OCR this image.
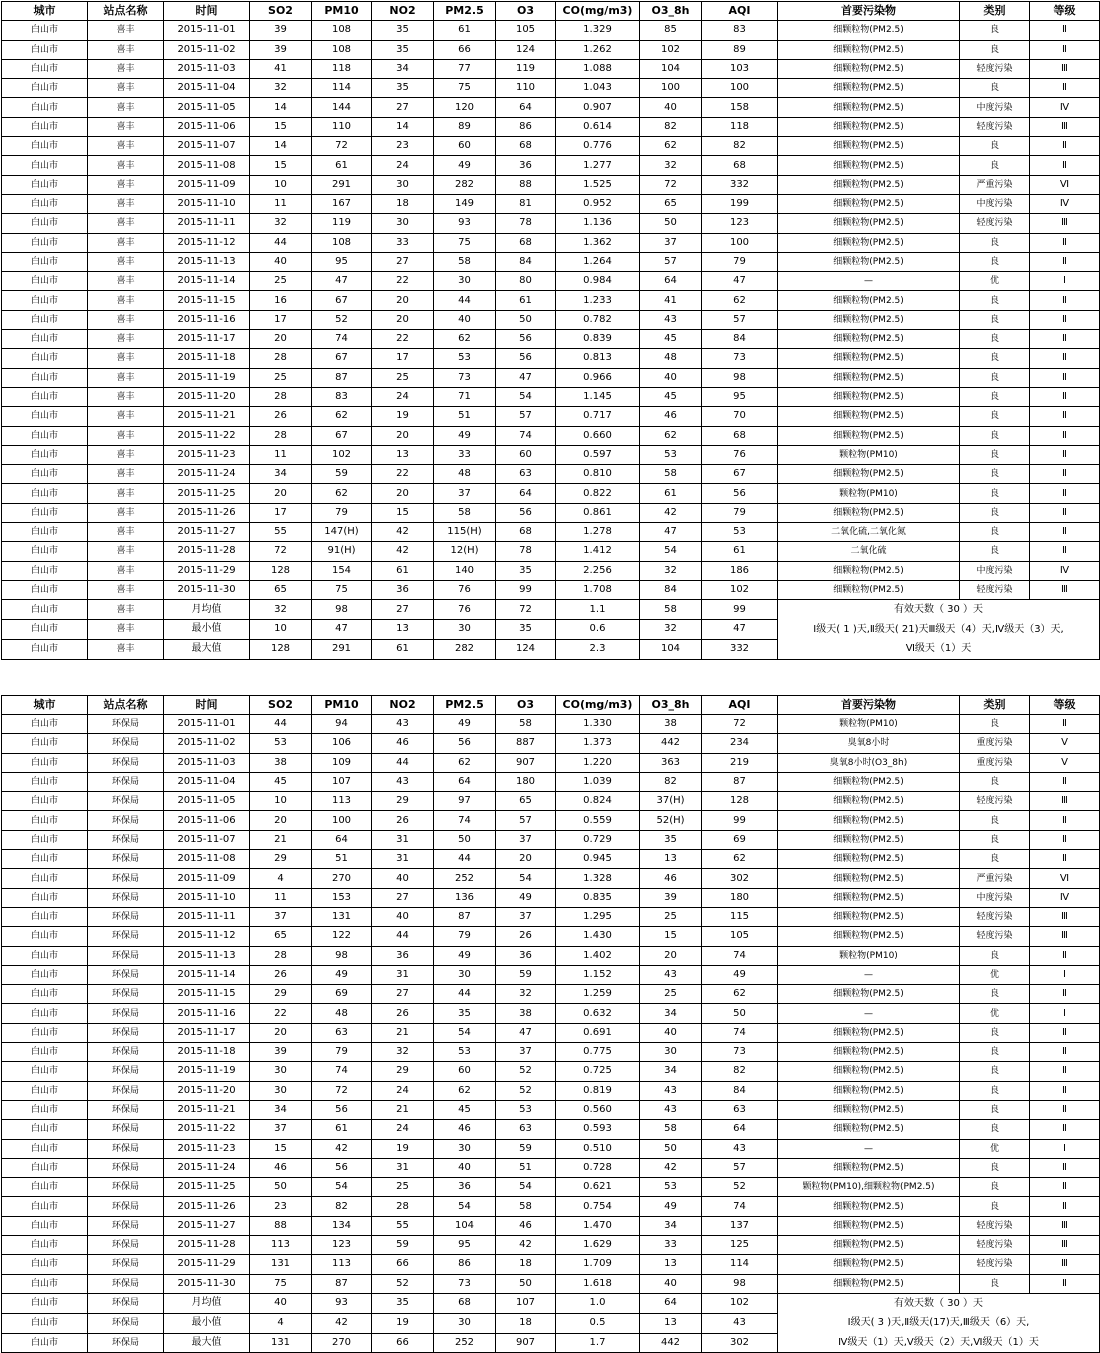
城市	站点名称	时间	SO2	PM10	NO2	PM2.5	O3	CO(mg/m3)	O3_8h	AQI	首要污染物	类别	等级
白山市	喜丰	2015-11-01	39	108	35	61	105	1.329	85	83	细颗粒物(PM2.5)	良	Ⅱ
白山市	喜丰	2015-11-02	39	108	35	66	124	1.262	102	89	细颗粒物(PM2.5)	良	Ⅱ
白山市	喜丰	2015-11-03	41	118	34	77	119	1.088	104	103	细颗粒物(PM2.5)	轻度污染	Ⅲ
白山市	喜丰	2015-11-04	32	114	35	75	110	1.043	100	100	细颗粒物(PM2.5)	良	Ⅱ
白山市	喜丰	2015-11-05	14	144	27	120	64	0.907	40	158	细颗粒物(PM2.5)	中度污染	Ⅳ
白山市	喜丰	2015-11-06	15	110	14	89	86	0.614	82	118	细颗粒物(PM2.5)	轻度污染	Ⅲ
白山市	喜丰	2015-11-07	14	72	23	60	68	0.776	62	82	细颗粒物(PM2.5)	良	Ⅱ
白山市	喜丰	2015-11-08	15	61	24	49	36	1.277	32	68	细颗粒物(PM2.5)	良	Ⅱ
白山市	喜丰	2015-11-09	10	291	30	282	88	1.525	72	332	细颗粒物(PM2.5)	严重污染	Ⅵ
白山市	喜丰	2015-11-10	11	167	18	149	81	0.952	65	199	细颗粒物(PM2.5)	中度污染	Ⅳ
白山市	喜丰	2015-11-11	32	119	30	93	78	1.136	50	123	细颗粒物(PM2.5)	轻度污染	Ⅲ
白山市	喜丰	2015-11-12	44	108	33	75	68	1.362	37	100	细颗粒物(PM2.5)	良	Ⅱ
白山市	喜丰	2015-11-13	40	95	27	58	84	1.264	57	79	细颗粒物(PM2.5)	良	Ⅱ
白山市	喜丰	2015-11-14	25	47	22	30	80	0.984	64	47	—	优	Ⅰ
白山市	喜丰	2015-11-15	16	67	20	44	61	1.233	41	62	细颗粒物(PM2.5)	良	Ⅱ
白山市	喜丰	2015-11-16	17	52	20	40	50	0.782	43	57	细颗粒物(PM2.5)	良	Ⅱ
白山市	喜丰	2015-11-17	20	74	22	62	56	0.839	45	84	细颗粒物(PM2.5)	良	Ⅱ
白山市	喜丰	2015-11-18	28	67	17	53	56	0.813	48	73	细颗粒物(PM2.5)	良	Ⅱ
白山市	喜丰	2015-11-19	25	87	25	73	47	0.966	40	98	细颗粒物(PM2.5)	良	Ⅱ
白山市	喜丰	2015-11-20	28	83	24	71	54	1.145	45	95	细颗粒物(PM2.5)	良	Ⅱ
白山市	喜丰	2015-11-21	26	62	19	51	57	0.717	46	70	细颗粒物(PM2.5)	良	Ⅱ
白山市	喜丰	2015-11-22	28	67	20	49	74	0.660	62	68	细颗粒物(PM2.5)	良	Ⅱ
白山市	喜丰	2015-11-23	11	102	13	33	60	0.597	53	76	颗粒物(PM10)	良	Ⅱ
白山市	喜丰	2015-11-24	34	59	22	48	63	0.810	58	67	细颗粒物(PM2.5)	良	Ⅱ
白山市	喜丰	2015-11-25	20	62	20	37	64	0.822	61	56	颗粒物(PM10)	良	Ⅱ
白山市	喜丰	2015-11-26	17	79	15	58	56	0.861	42	79	细颗粒物(PM2.5)	良	Ⅱ
白山市	喜丰	2015-11-27	55	147(H)	42	115(H)	68	1.278	47	53	二氧化硫,二氧化氮	良	Ⅱ
白山市	喜丰	2015-11-28	72	91(H)	42	12(H)	78	1.412	54	61	二氧化硫	良	Ⅱ
白山市	喜丰	2015-11-29	128	154	61	140	35	2.256	32	186	细颗粒物(PM2.5)	中度污染	Ⅳ
白山市	喜丰	2015-11-30	65	75	36	76	99	1.708	84	102	细颗粒物(PM2.5)	轻度污染	Ⅲ
白山市	喜丰	月均值	32	98	27	76	72	1.1	58	99	有效天数（ 30 ）天
Ⅰ级天( 1 )天,Ⅱ级天( 21)天Ⅲ级天（4）天,Ⅳ级天（3）天,
Ⅵ级天（1）天		

白山市	喜丰	最小值	10	47	13	30	35	0.6	32	47			
白山市	喜丰	最大值	128	291	61	282	124	2.3	104	332			
城市	站点名称	时间	SO2	PM10	NO2	PM2.5	O3	CO(mg/m3)	O3_8h	AQI	首要污染物	类别	等级
白山市	环保局	2015-11-01	44	94	43	49	58	1.330	38	72	颗粒物(PM10)	良	Ⅱ
白山市	环保局	2015-11-02	53	106	46	56	887	1.373	442	234	臭氧8小时	重度污染	Ⅴ
白山市	环保局	2015-11-03	38	109	44	62	907	1.220	363	219	臭氧8小时(O3_8h)	重度污染	Ⅴ
白山市	环保局	2015-11-04	45	107	43	64	180	1.039	82	87	细颗粒物(PM2.5)	良	Ⅱ
白山市	环保局	2015-11-05	10	113	29	97	65	0.824	37(H)	128	细颗粒物(PM2.5)	轻度污染	Ⅲ
白山市	环保局	2015-11-06	20	100	26	74	57	0.559	52(H)	99	细颗粒物(PM2.5)	良	Ⅱ
白山市	环保局	2015-11-07	21	64	31	50	37	0.729	35	69	细颗粒物(PM2.5)	良	Ⅱ
白山市	环保局	2015-11-08	29	51	31	44	20	0.945	13	62	细颗粒物(PM2.5)	良	Ⅱ
白山市	环保局	2015-11-09	4	270	40	252	54	1.328	46	302	细颗粒物(PM2.5)	严重污染	Ⅵ
白山市	环保局	2015-11-10	11	153	27	136	49	0.835	39	180	细颗粒物(PM2.5)	中度污染	Ⅳ
白山市	环保局	2015-11-11	37	131	40	87	37	1.295	25	115	细颗粒物(PM2.5)	轻度污染	Ⅲ
白山市	环保局	2015-11-12	65	122	44	79	26	1.430	15	105	细颗粒物(PM2.5)	轻度污染	Ⅲ
白山市	环保局	2015-11-13	28	98	36	49	36	1.402	20	74	颗粒物(PM10)	良	Ⅱ
白山市	环保局	2015-11-14	26	49	31	30	59	1.152	43	49	—	优	Ⅰ
白山市	环保局	2015-11-15	29	69	27	44	32	1.259	25	62	细颗粒物(PM2.5)	良	Ⅱ
白山市	环保局	2015-11-16	22	48	26	35	38	0.632	34	50	—	优	Ⅰ
白山市	环保局	2015-11-17	20	63	21	54	47	0.691	40	74	细颗粒物(PM2.5)	良	Ⅱ
白山市	环保局	2015-11-18	39	79	32	53	37	0.775	30	73	细颗粒物(PM2.5)	良	Ⅱ
白山市	环保局	2015-11-19	30	74	29	60	52	0.725	34	82	细颗粒物(PM2.5)	良	Ⅱ
白山市	环保局	2015-11-20	30	72	24	62	52	0.819	43	84	细颗粒物(PM2.5)	良	Ⅱ
白山市	环保局	2015-11-21	34	56	21	45	53	0.560	43	63	细颗粒物(PM2.5)	良	Ⅱ
白山市	环保局	2015-11-22	37	61	24	46	63	0.593	58	64	细颗粒物(PM2.5)	良	Ⅱ
白山市	环保局	2015-11-23	15	42	19	30	59	0.510	50	43	—	优	Ⅰ
白山市	环保局	2015-11-24	46	56	31	40	51	0.728	42	57	细颗粒物(PM2.5)	良	Ⅱ
白山市	环保局	2015-11-25	50	54	25	36	54	0.621	53	52	颗粒物(PM10),细颗粒物(PM2.5)	良	Ⅱ
白山市	环保局	2015-11-26	23	82	28	54	58	0.754	49	74	细颗粒物(PM2.5)	良	Ⅱ
白山市	环保局	2015-11-27	88	134	55	104	46	1.470	34	137	细颗粒物(PM2.5)	轻度污染	Ⅲ
白山市	环保局	2015-11-28	113	123	59	95	42	1.629	33	125	细颗粒物(PM2.5)	轻度污染	Ⅲ
白山市	环保局	2015-11-29	131	113	66	86	18	1.709	13	114	细颗粒物(PM2.5)	轻度污染	Ⅲ
白山市	环保局	2015-11-30	75	87	52	73	50	1.618	40	98	细颗粒物(PM2.5)	良	Ⅱ
白山市	环保局	月均值	40	93	35	68	107	1.0	64	102	有效天数（ 30 ）天
Ⅰ级天( 3 )天,Ⅱ级天(17)天,Ⅲ级天（6）天,
Ⅳ级天（1）天,Ⅴ级天（2）天,Ⅵ级天（1）天		

白山市	环保局	最小值	4	42	19	30	18	0.5	13	43			
白山市	环保局	最大值	131	270	66	252	907	1.7	442	302			
